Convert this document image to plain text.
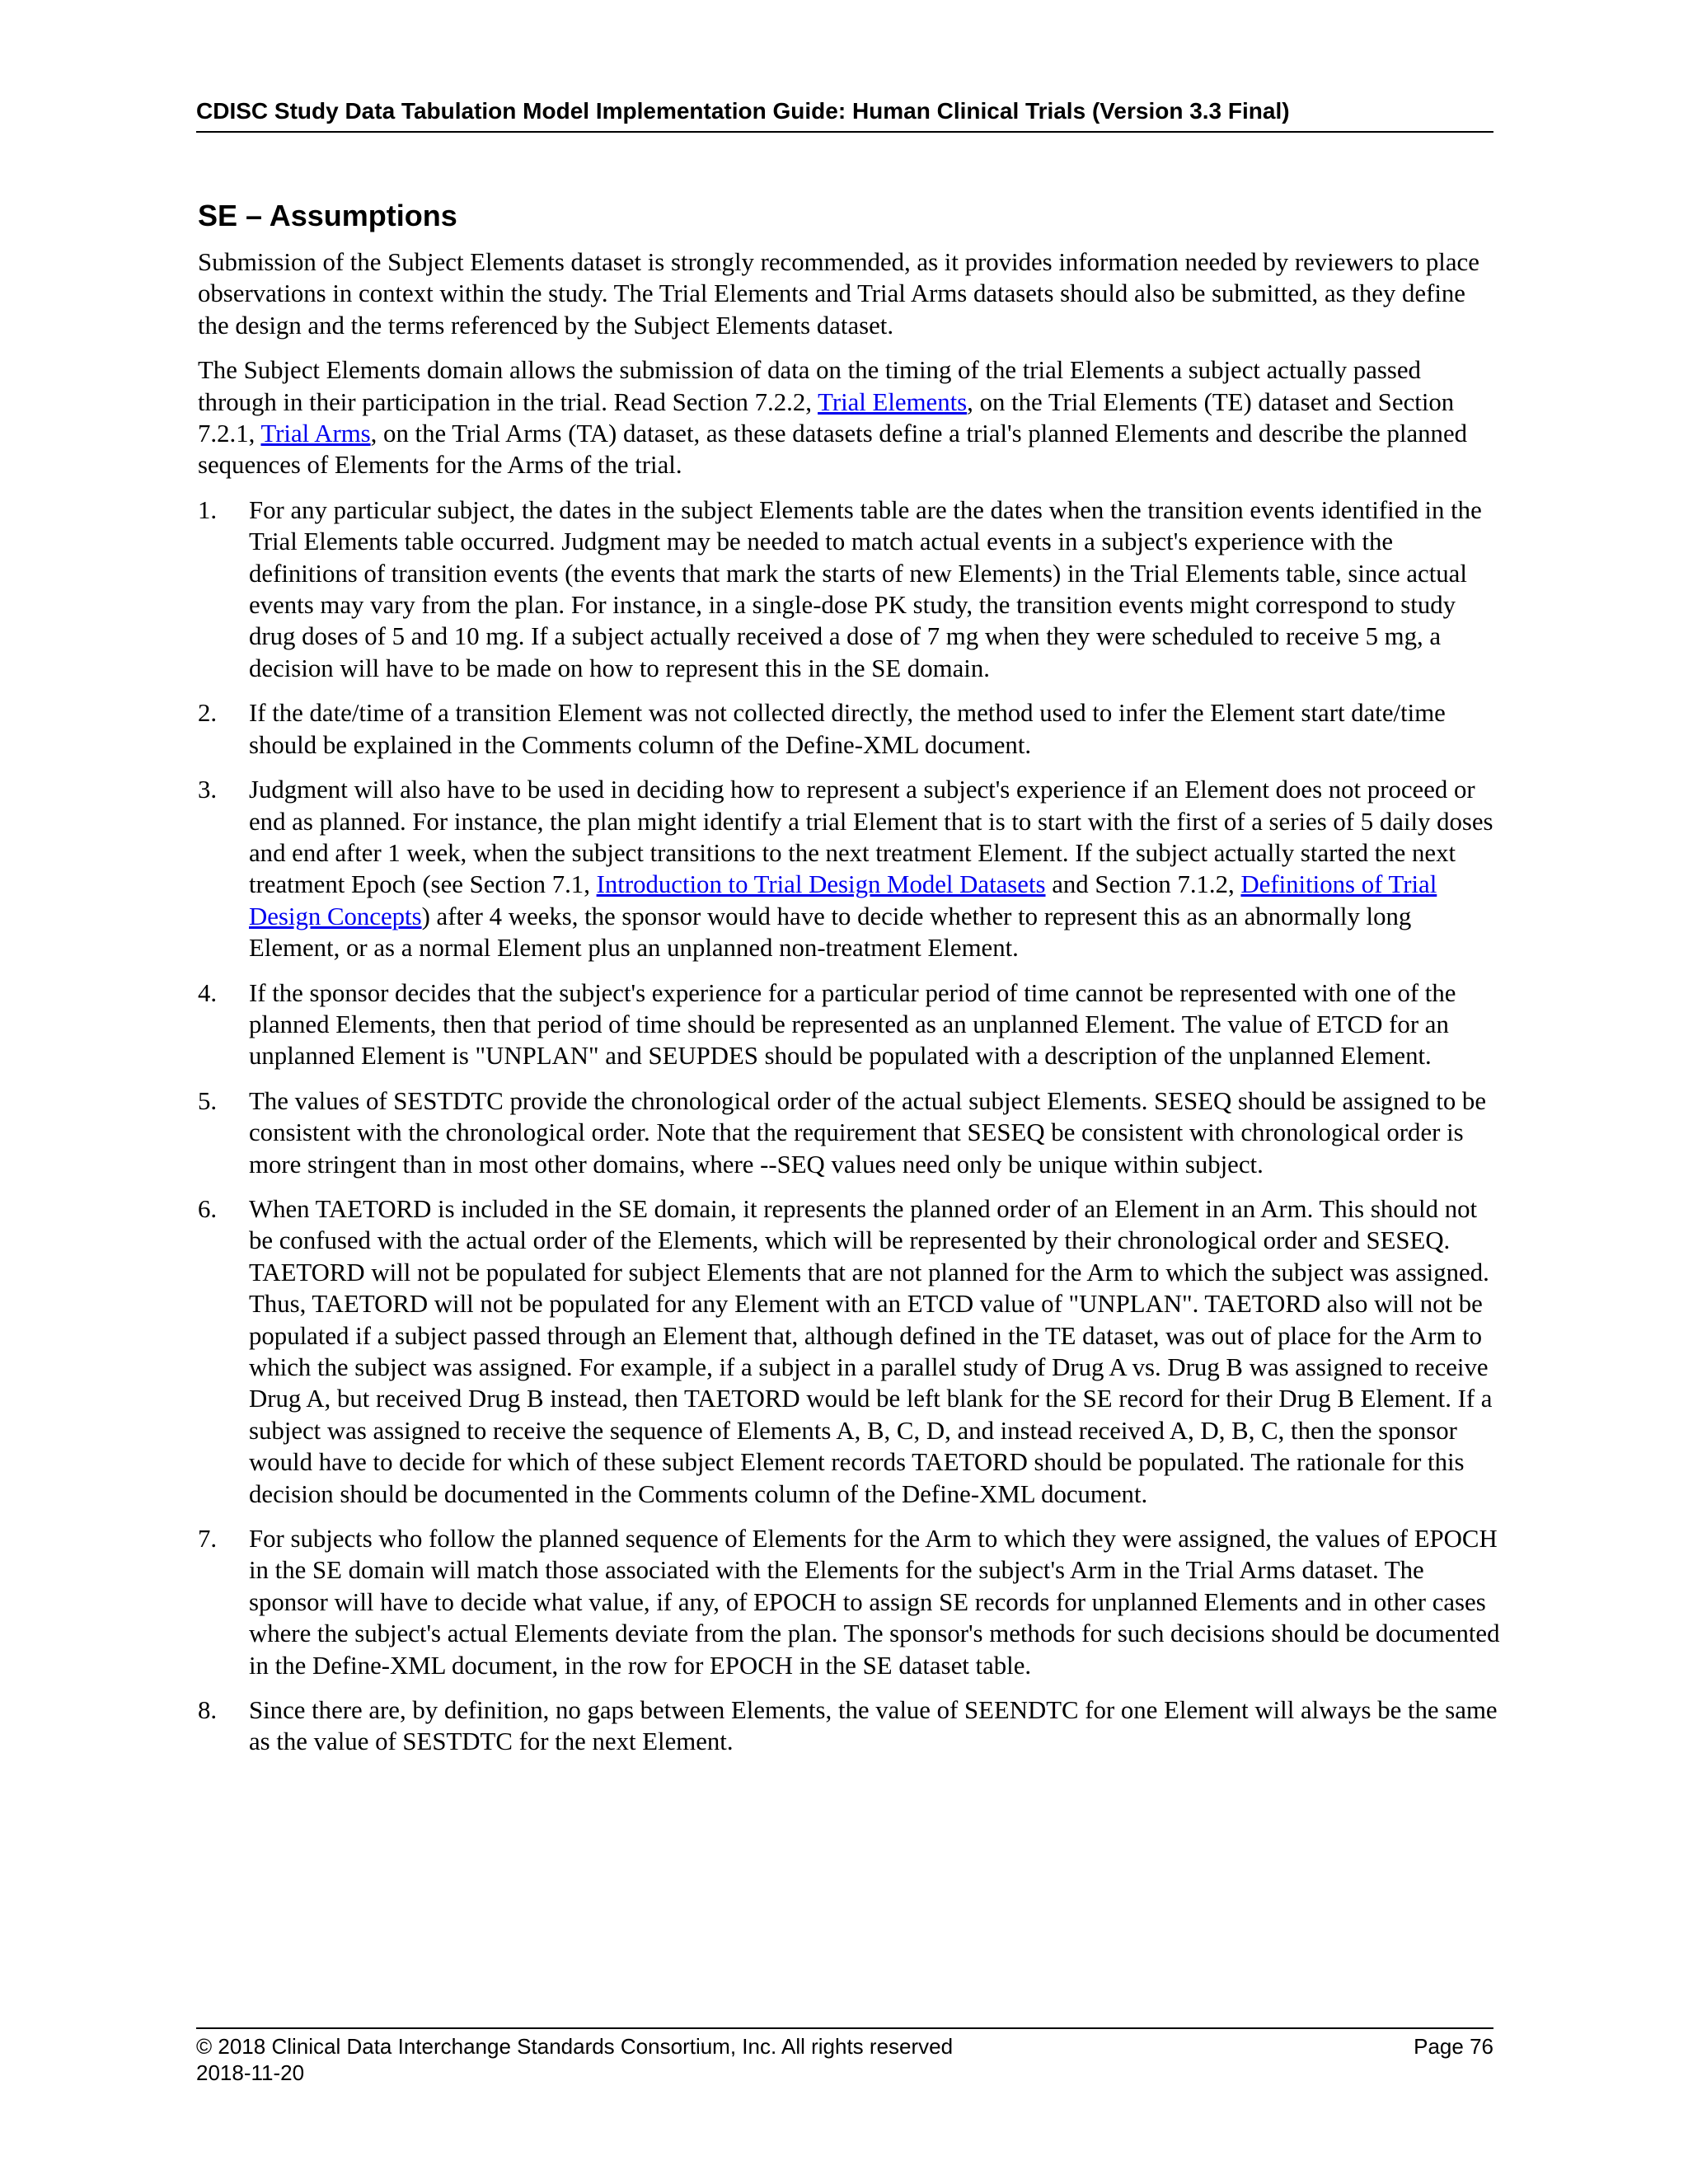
CDISC Study Data Tabulation Model Implementation Guide: Human Clinical Trials (Version 3.3 Final)
SE – Assumptions

Submission of the Subject Elements dataset is strongly recommended, as it provides information needed by reviewers to place observations in context within the study. The Trial Elements and Trial Arms datasets should also be submitted, as they define the design and the terms referenced by the Subject Elements dataset.

The Subject Elements domain allows the submission of data on the timing of the trial Elements a subject actually passed through in their participation in the trial. Read Section 7.2.2, Trial Elements, on the Trial Elements (TE) dataset and Section 7.2.1, Trial Arms, on the Trial Arms (TA) dataset, as these datasets define a trial's planned Elements and describe the planned sequences of Elements for the Arms of the trial.

1. For any particular subject, the dates in the subject Elements table are the dates when the transition events identified in the Trial Elements table occurred. Judgment may be needed to match actual events in a subject's experience with the definitions of transition events (the events that mark the starts of new Elements) in the Trial Elements table, since actual events may vary from the plan. For instance, in a single-dose PK study, the transition events might correspond to study drug doses of 5 and 10 mg. If a subject actually received a dose of 7 mg when they were scheduled to receive 5 mg, a decision will have to be made on how to represent this in the SE domain.
2. If the date/time of a transition Element was not collected directly, the method used to infer the Element start date/time should be explained in the Comments column of the Define-XML document.
3. Judgment will also have to be used in deciding how to represent a subject's experience if an Element does not proceed or end as planned. For instance, the plan might identify a trial Element that is to start with the first of a series of 5 daily doses and end after 1 week, when the subject transitions to the next treatment Element. If the subject actually started the next treatment Epoch (see Section 7.1, Introduction to Trial Design Model Datasets and Section 7.1.2, Definitions of Trial Design Concepts) after 4 weeks, the sponsor would have to decide whether to represent this as an abnormally long Element, or as a normal Element plus an unplanned non-treatment Element.
4. If the sponsor decides that the subject's experience for a particular period of time cannot be represented with one of the planned Elements, then that period of time should be represented as an unplanned Element. The value of ETCD for an unplanned Element is "UNPLAN" and SEUPDES should be populated with a description of the unplanned Element.
5. The values of SESTDTC provide the chronological order of the actual subject Elements. SESEQ should be assigned to be consistent with the chronological order. Note that the requirement that SESEQ be consistent with chronological order is more stringent than in most other domains, where --SEQ values need only be unique within subject.
6. When TAETORD is included in the SE domain, it represents the planned order of an Element in an Arm. This should not be confused with the actual order of the Elements, which will be represented by their chronological order and SESEQ. TAETORD will not be populated for subject Elements that are not planned for the Arm to which the subject was assigned. Thus, TAETORD will not be populated for any Element with an ETCD value of "UNPLAN". TAETORD also will not be populated if a subject passed through an Element that, although defined in the TE dataset, was out of place for the Arm to which the subject was assigned. For example, if a subject in a parallel study of Drug A vs. Drug B was assigned to receive Drug A, but received Drug B instead, then TAETORD would be left blank for the SE record for their Drug B Element. If a subject was assigned to receive the sequence of Elements A, B, C, D, and instead received A, D, B, C, then the sponsor would have to decide for which of these subject Element records TAETORD should be populated. The rationale for this decision should be documented in the Comments column of the Define-XML document.
7. For subjects who follow the planned sequence of Elements for the Arm to which they were assigned, the values of EPOCH in the SE domain will match those associated with the Elements for the subject's Arm in the Trial Arms dataset. The sponsor will have to decide what value, if any, of EPOCH to assign SE records for unplanned Elements and in other cases where the subject's actual Elements deviate from the plan. The sponsor's methods for such decisions should be documented in the Define-XML document, in the row for EPOCH in the SE dataset table.
8. Since there are, by definition, no gaps between Elements, the value of SEENDTC for one Element will always be the same as the value of SESTDTC for the next Element.
© 2018 Clinical Data Interchange Standards Consortium, Inc. All rights reserved	Page 76
2018-11-20
